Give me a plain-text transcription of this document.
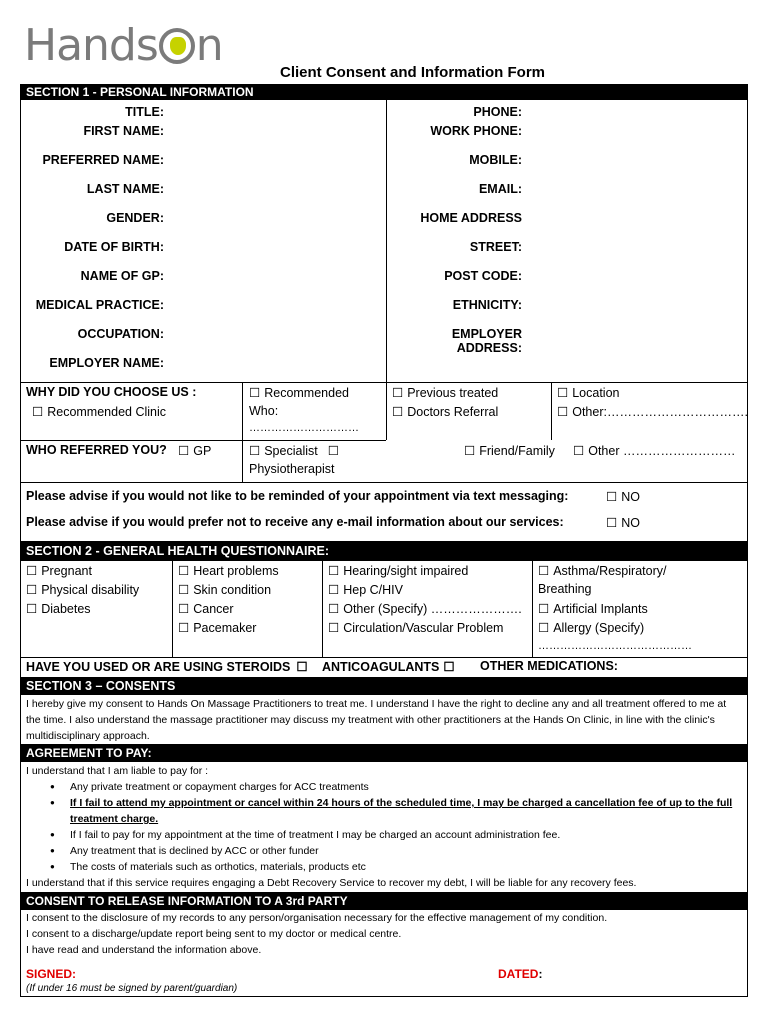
Hands n
Client Consent and Information Form
SECTION 1 - PERSONAL INFORMATION
TITLE:
FIRST NAME:
PREFERRED NAME:
LAST NAME:
GENDER:
DATE OF BIRTH:
NAME OF GP:
MEDICAL PRACTICE:
OCCUPATION:
EMPLOYER NAME:
PHONE:
WORK PHONE:
MOBILE:
EMAIL:
HOME ADDRESS
STREET:
POST CODE:
ETHNICITY:
EMPLOYER ADDRESS:
WHY DID YOU CHOOSE US :
☐ Recommended Clinic
☐ Recommended
Who:
…………………………
☐ Previous treated
☐ Doctors Referral
☐ Location
☐ Other:…………………………….
WHO REFERRED YOU?	☐ GP	☐ Specialist ☐
Physiotherapist
☐ Friend/Family	☐ Other ………………………
Please advise if you would not like to be reminded of your appointment via text messaging:	☐ NO
Please advise if you would prefer not to receive any e-mail information about our services:	☐ NO
SECTION 2 - GENERAL HEALTH QUESTIONNAIRE:
☐ Pregnant
☐ Physical disability
☐ Diabetes
☐ Heart problems
☐ Skin condition
☐ Cancer
☐ Pacemaker
☐ Hearing/sight impaired
☐ Hep C/HIV
☐ Other (Specify) ………………….
☐ Circulation/Vascular Problem
☐ Asthma/Respiratory/
Breathing
☐ Artificial Implants
☐ Allergy (Specify)
……………………………………
HAVE YOU USED OR ARE USING STEROIDS ☐ ANTICOAGULANTS ☐ OTHER MEDICATIONS:
SECTION 3 – CONSENTS
I hereby give my consent to Hands On Massage Practitioners to treat me. I understand I have the right to decline any and all treatment offered to me at the time. I also understand the massage practitioner may discuss my treatment with other practitioners at the Hands On Clinic, in line with the clinic's multidisciplinary approach.
AGREEMENT TO PAY:
I understand that I am liable to pay for :
● Any private treatment or copayment charges for ACC treatments
● If I fail to attend my appointment or cancel within 24 hours of the scheduled time, I may be charged a cancellation fee of up to the full treatment charge.
● If I fail to pay for my appointment at the time of treatment I may be charged an account administration fee.
● Any treatment that is declined by ACC or other funder
● The costs of materials such as orthotics, materials, products etc
I understand that if this service requires engaging a Debt Recovery Service to recover my debt, I will be liable for any recovery fees.
CONSENT TO RELEASE INFORMATION TO A 3rd PARTY
I consent to the disclosure of my records to any person/organisation necessary for the effective management of my condition.
I consent to a discharge/update report being sent to my doctor or medical centre.
I have read and understand the information above.
SIGNED:	DATED:
(If under 16 must be signed by parent/guardian)
